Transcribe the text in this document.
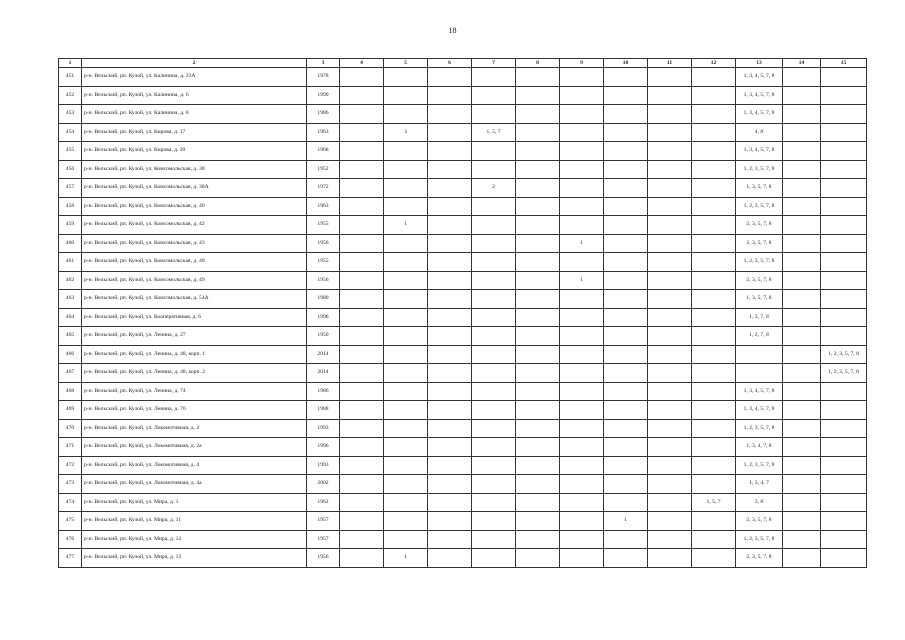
18
1	2	3	4	5	6	7	8	9	10	11	12	13	14	15
451	р-н. Вельский, рп. Кулой, ул. Калинина, д. 23А	1978										1, 3, 4, 5, 7, 8		
452	р-н. Вельский, рп. Кулой, ул. Калинина, д. 6	1990										1, 3, 4, 5, 7, 8		
453	р-н. Вельский, рп. Кулой, ул. Калинина, д. 8	1986										1, 3, 4, 5, 7, 8		
454	р-н. Вельский, рп. Кулой, ул. Кирова, д. 17	1963		3		1, 5, 7						4, 8		
455	р-н. Вельский, рп. Кулой, ул. Кирова, д. 20	1968										1, 3, 4, 5, 7, 8		
456	р-н. Вельский, рп. Кулой, ул. Комсомольская, д. 38	1952										1, 2, 3, 5, 7, 8		
457	р-н. Вельский, рп. Кулой, ул. Комсомольская, д. 38А	1972				2						1, 3, 5, 7, 8		
458	р-н. Вельский, рп. Кулой, ул. Комсомольская, д. 40	1963										1, 2, 3, 5, 7, 8		
459	р-н. Вельский, рп. Кулой, ул. Комсомольская, д. 42	1955		1								2, 3, 5, 7, 8		
460	р-н. Вельский, рп. Кулой, ул. Комсомольская, д. 43	1956						1				2, 3, 5, 7, 8		
461	р-н. Вельский, рп. Кулой, ул. Комсомольская, д. 48	1955										1, 2, 3, 5, 7, 8		
462	р-н. Вельский, рп. Кулой, ул. Комсомольская, д. 49	1956						1				2, 3, 5, 7, 8		
463	р-н. Вельский, рп. Кулой, ул. Комсомольская, д. 54А	1980										1, 3, 5, 7, 8		
464	р-н. Вельский, рп. Кулой, ул. Кооперативная, д. 6	1996										1, 3, 7, 8		
465	р-н. Вельский, рп. Кулой, ул. Ленина, д. 27	1950										1, 2, 7, 8		
466	р-н. Вельский, рп. Кулой, ул. Ленина, д. 48, корп. 1	2014												1, 2, 3, 5, 7, 8
467	р-н. Вельский, рп. Кулой, ул. Ленина, д. 48, корп. 2	2014												1, 2, 3, 5, 7, 8
468	р-н. Вельский, рп. Кулой, ул. Ленина, д. 74	1986										1, 3, 4, 5, 7, 8		
469	р-н. Вельский, рп. Кулой, ул. Ленина, д. 76	1988										1, 3, 4, 5, 7, 8		
470	р-н. Вельский, рп. Кулой, ул. Локомотивная, д. 2	1993										1, 2, 3, 5, 7, 8		
471	р-н. Вельский, рп. Кулой, ул. Локомотивная, д. 2а	1996										1, 3, 4, 7, 8		
472	р-н. Вельский, рп. Кулой, ул. Локомотивная, д. 4	1993										1, 2, 3, 5, 7, 8		
473	р-н. Вельский, рп. Кулой, ул. Локомотивная, д. 4а	2002										1, 3, 4, 7		
474	р-н. Вельский, рп. Кулой, ул. Мира, д. 1	1962									1, 5, 7	3, 8		
475	р-н. Вельский, рп. Кулой, ул. Мира, д. 11	1957							1			2, 3, 5, 7, 8		
476	р-н. Вельский, рп. Кулой, ул. Мира, д. 12	1957										1, 2, 3, 5, 7, 8		
477	р-н. Вельский, рп. Кулой, ул. Мира, д. 13	1956		1								2, 3, 5, 7, 8		
